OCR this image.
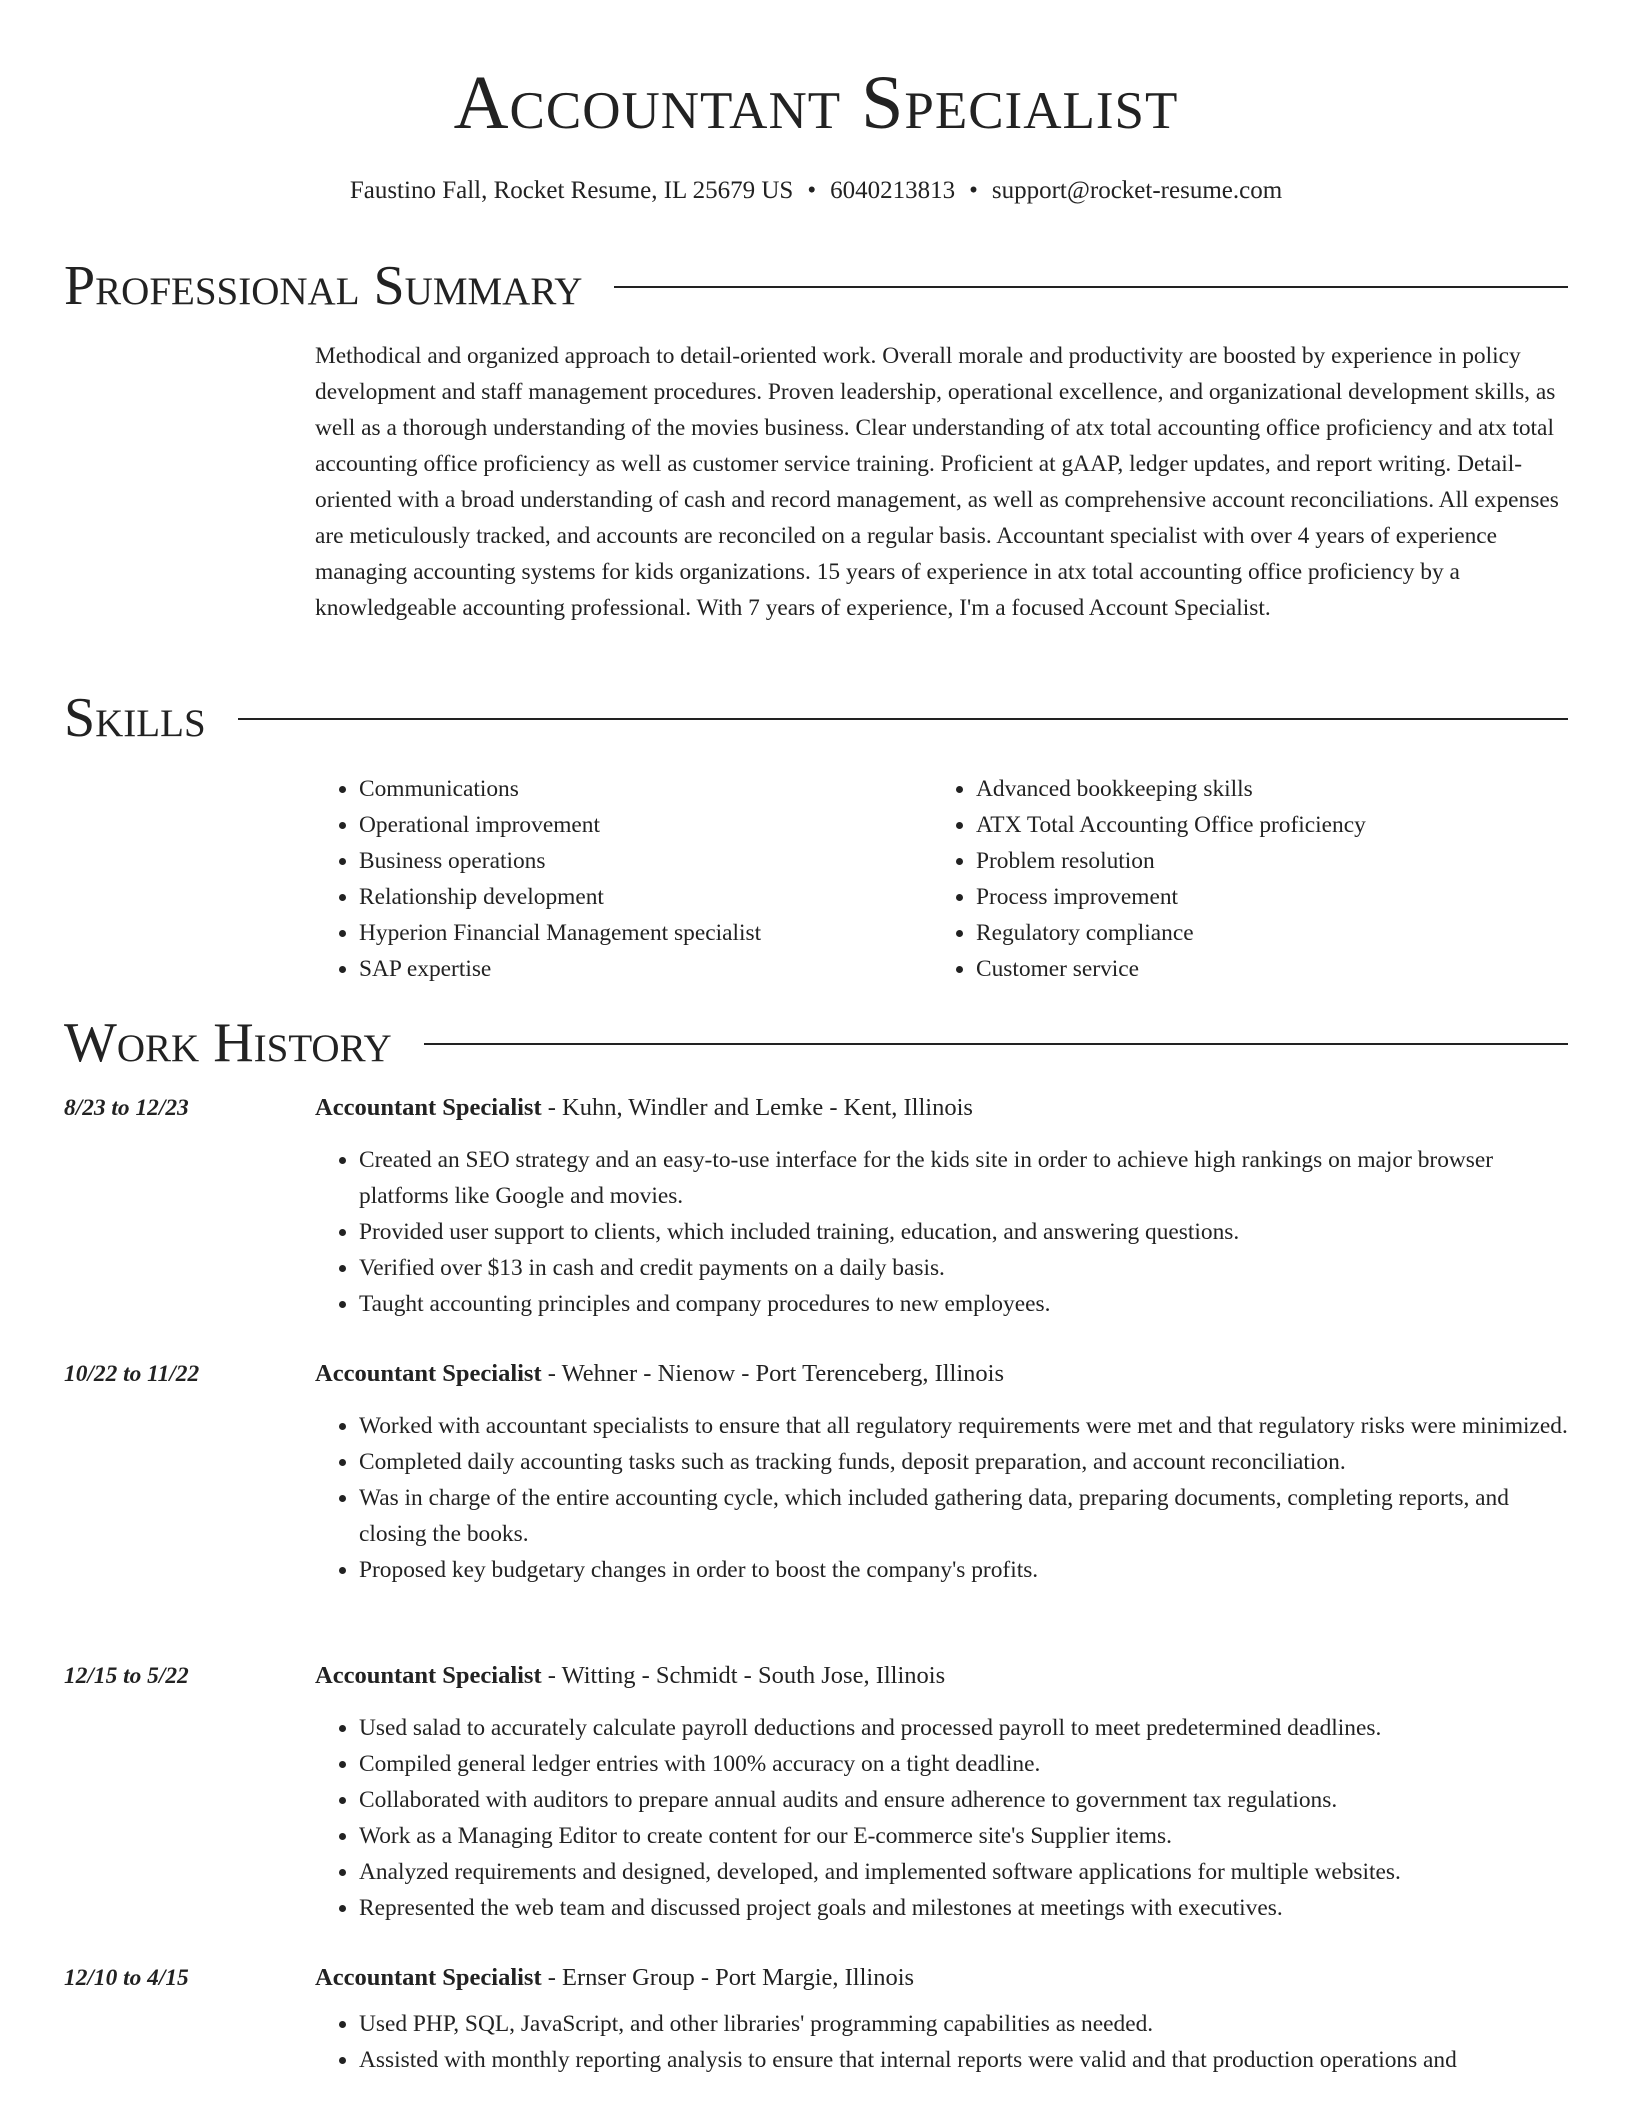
Accountant Specialist
Faustino Fall, Rocket Resume, IL 25679 US • 6040213813 • support@rocket-resume.com
Professional Summary
Methodical and organized approach to detail-oriented work. Overall morale and productivity are boosted by experience in policy development and staff management procedures. Proven leadership, operational excellence, and organizational development skills, as well as a thorough understanding of the movies business. Clear understanding of atx total accounting office proficiency and atx total accounting office proficiency as well as customer service training. Proficient at gAAP, ledger updates, and report writing. Detail-oriented with a broad understanding of cash and record management, as well as comprehensive account reconciliations. All expenses are meticulously tracked, and accounts are reconciled on a regular basis. Accountant specialist with over 4 years of experience managing accounting systems for kids organizations. 15 years of experience in atx total accounting office proficiency by a knowledgeable accounting professional. With 7 years of experience, I'm a focused Account Specialist.
Skills
• Communications
• Operational improvement
• Business operations
• Relationship development
• Hyperion Financial Management specialist
• SAP expertise
• Advanced bookkeeping skills
• ATX Total Accounting Office proficiency
• Problem resolution
• Process improvement
• Regulatory compliance
• Customer service
Work History
8/23 to 12/23	Accountant Specialist - Kuhn, Windler and Lemke - Kent, Illinois
• Created an SEO strategy and an easy-to-use interface for the kids site in order to achieve high rankings on major browser platforms like Google and movies.
• Provided user support to clients, which included training, education, and answering questions.
• Verified over $13 in cash and credit payments on a daily basis.
• Taught accounting principles and company procedures to new employees.
10/22 to 11/22	Accountant Specialist - Wehner - Nienow - Port Terenceberg, Illinois
• Worked with accountant specialists to ensure that all regulatory requirements were met and that regulatory risks were minimized.
• Completed daily accounting tasks such as tracking funds, deposit preparation, and account reconciliation.
• Was in charge of the entire accounting cycle, which included gathering data, preparing documents, completing reports, and closing the books.
• Proposed key budgetary changes in order to boost the company's profits.
12/15 to 5/22	Accountant Specialist - Witting - Schmidt - South Jose, Illinois
• Used salad to accurately calculate payroll deductions and processed payroll to meet predetermined deadlines.
• Compiled general ledger entries with 100% accuracy on a tight deadline.
• Collaborated with auditors to prepare annual audits and ensure adherence to government tax regulations.
• Work as a Managing Editor to create content for our E-commerce site's Supplier items.
• Analyzed requirements and designed, developed, and implemented software applications for multiple websites.
• Represented the web team and discussed project goals and milestones at meetings with executives.
12/10 to 4/15	Accountant Specialist - Ernser Group - Port Margie, Illinois
• Used PHP, SQL, JavaScript, and other libraries' programming capabilities as needed.
• Assisted with monthly reporting analysis to ensure that internal reports were valid and that production operations and
